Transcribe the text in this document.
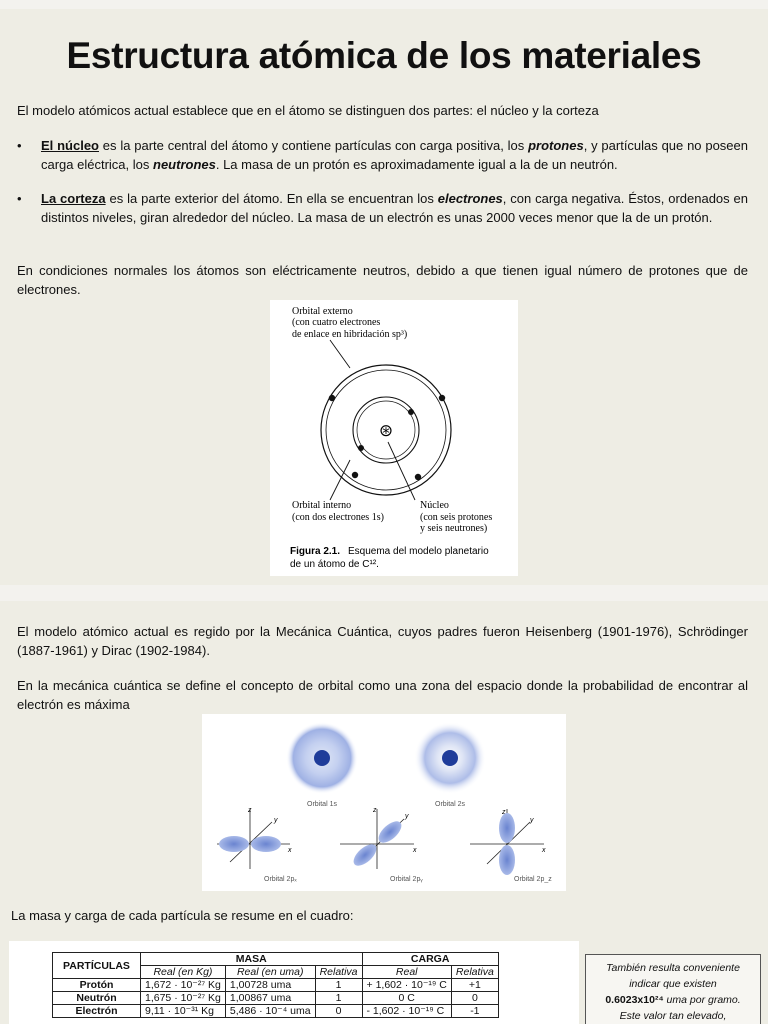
Estructura atómica de los materiales
El modelo atómicos actual establece que en el átomo se distinguen dos partes: el núcleo y la corteza
• El núcleo es la parte central del átomo y contiene partículas con carga positiva, los protones, y partículas que no poseen carga eléctrica, los neutrones. La masa de un protón es aproximadamente igual a la de un neutrón.
• La corteza es la parte exterior del átomo. En ella se encuentran los electrones, con carga negativa. Éstos, ordenados en distintos niveles, giran alrededor del núcleo. La masa de un electrón es unas 2000 veces menor que la de un protón.
En condiciones normales los átomos son eléctricamente neutros, debido a que tienen igual número de protones que de electrones.
Orbital externo
(con cuatro electrones
de enlace en hibridación sp³)
⊛
Orbital interno
(con dos electrones 1s)
Núcleo
(con seis protones
y seis neutrones)
Figura 2.1. Esquema del modelo planetario
de un átomo de C¹².
El modelo atómico actual es regido por la Mecánica Cuántica, cuyos padres fueron Heisenberg (1901-1976), Schrödinger (1887-1961) y Dirac (1902-1984).
En la mecánica cuántica se define el concepto de orbital como una zona del espacio donde la probabilidad de encontrar al electrón es máxima
Orbital 1s	Orbital 2s
z
y
x
Orbital 2pₓ
z
y
x
Orbital 2pᵧ
z
y
x
Orbital 2p_z
La masa y carga de cada partícula se resume en el cuadro:
PARTÍCULAS	MASA			CARGA	
	Real (en Kg)	Real (en uma)	Relativa	Real	Relativa
Protón	1,672 · 10⁻²⁷ Kg	1,00728 uma	1	+ 1,602 · 10⁻¹⁹ C	+1
Neutrón	1,675 · 10⁻²⁷ Kg	1,00867 uma	1	0 C	0
Electrón	9,11 · 10⁻³¹ Kg	5,486 · 10⁻⁴ uma	0	- 1,602 · 10⁻¹⁹ C	-1
También resulta conveniente
indicar que existen
0.6023x10²⁴ uma por gramo.
Este valor tan elevado,
